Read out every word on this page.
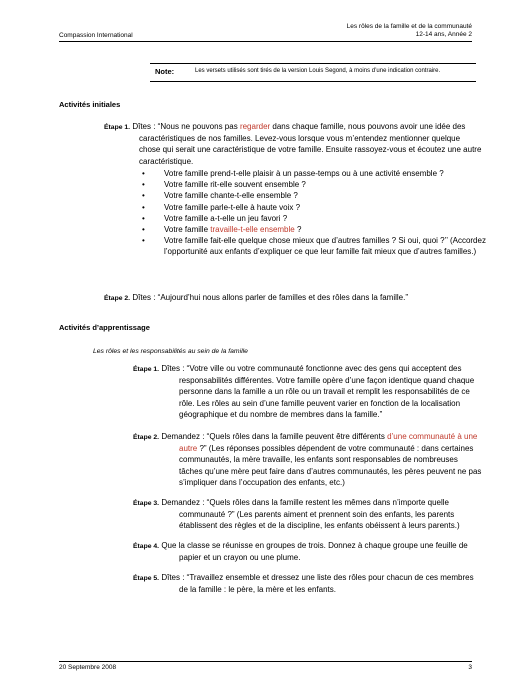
Compassion International
Les rôles de la famille et de la communauté
12-14 ans, Année 2
Note:	Les versets utilisés sont tirés de la version Louis Segond, à moins d’une indication contraire.
Activités initiales
Étape 1. Dîtes : “Nous ne pouvons pas regarder dans chaque famille, nous pouvons avoir une idée des caractéristiques de nos familles. Levez-vous lorsque vous m’entendez mentionner quelque chose qui serait une caractéristique de votre famille. Ensuite rassoyez-vous et écoutez une autre caractéristique.
• Votre famille prend-t-elle plaisir à un passe-temps ou à une activité ensemble ?
• Votre famille rit-elle souvent ensemble ?
• Votre famille chante-t-elle ensemble ?
• Votre famille parle-t-elle à haute voix ?
• Votre famille a-t-elle un jeu favori ?
• Votre famille travaille-t-elle ensemble ?
• Votre famille fait-elle quelque chose mieux que d’autres familles ? Si oui, quoi ?’’ (Accordez l’opportunité aux enfants d’expliquer ce que leur famille fait mieux que d’autres familles.)
Étape 2. Dîtes : “Aujourd’hui nous allons parler de familles et des rôles dans la famille.”
Activités d’apprentissage
Les rôles et les responsabilités au sein de la famille
Étape 1. Dîtes : “Votre ville ou votre communauté fonctionne avec des gens qui acceptent des responsabilités différentes. Votre famille opère d’une façon identique quand chaque personne dans la famille a un rôle ou un travail et remplit les responsabilités de ce rôle. Les rôles au sein d’une famille peuvent varier en fonction de la localisation géographique et du nombre de membres dans la famille.”
Étape 2. Demandez : “Quels rôles dans la famille peuvent être différents d’une communauté à une autre ?” (Les réponses possibles dépendent de votre communauté : dans certaines communautés, la mère travaille, les enfants sont responsables de nombreuses tâches qu’une mère peut faire dans d’autres communautés, les pères peuvent ne pas s’impliquer dans l’occupation des enfants, etc.)
Étape 3. Demandez : “Quels rôles dans la famille restent les mêmes dans n’importe quelle communauté ?” (Les parents aiment et prennent soin des enfants, les parents établissent des règles et de la discipline, les enfants obéissent à leurs parents.)
Étape 4. Que la classe se réunisse en groupes de trois. Donnez à chaque groupe une feuille de papier et un crayon ou une plume.
Étape 5. Dîtes : “Travaillez ensemble et dressez une liste des rôles pour chacun de ces membres de la famille : le père, la mère et les enfants.
20 Septembre 2008	3
